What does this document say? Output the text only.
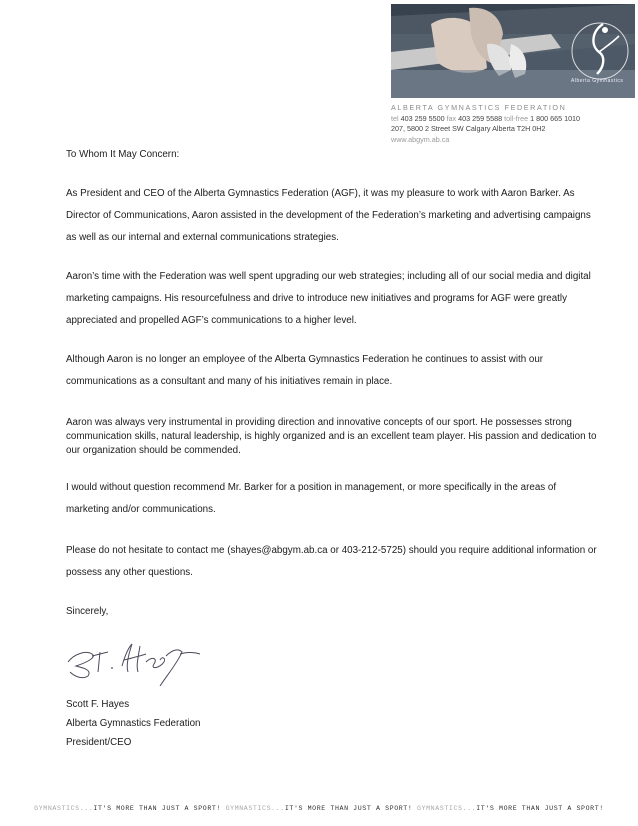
Alberta Gymnastics
ALBERTA GYMNASTICS FEDERATION
tel 403 259 5500 fax 403 259 5588 toll-free 1 800 665 1010
207, 5800 2 Street SW Calgary Alberta T2H 0H2
www.abgym.ab.ca
To Whom It May Concern:
As President and CEO of the Alberta Gymnastics Federation (AGF), it was my pleasure to work with Aaron Barker. As Director of Communications, Aaron assisted in the development of the Federation’s marketing and advertising campaigns as well as our internal and external communications strategies.
Aaron’s time with the Federation was well spent upgrading our web strategies; including all of our social media and digital marketing campaigns. His resourcefulness and drive to introduce new initiatives and programs for AGF were greatly appreciated and propelled AGF’s communications to a higher level.
Although Aaron is no longer an employee of the Alberta Gymnastics Federation he continues to assist with our communications as a consultant and many of his initiatives remain in place.
Aaron was always very instrumental in providing direction and innovative concepts of our sport. He possesses strong communication skills, natural leadership, is highly organized and is an excellent team player. His passion and dedication to our organization should be commended.
I would without question recommend Mr. Barker for a position in management, or more specifically in the areas of marketing and/or communications.
Please do not hesitate to contact me (shayes@abgym.ab.ca or 403-212-5725) should you require additional information or possess any other questions.
Sincerely,
Scott F. Hayes
Alberta Gymnastics Federation
President/CEO
GYMNASTICS...IT'S MORE THAN JUST A SPORT! GYMNASTICS...IT'S MORE THAN JUST A SPORT! GYMNASTICS...IT'S MORE THAN JUST A SPORT!
